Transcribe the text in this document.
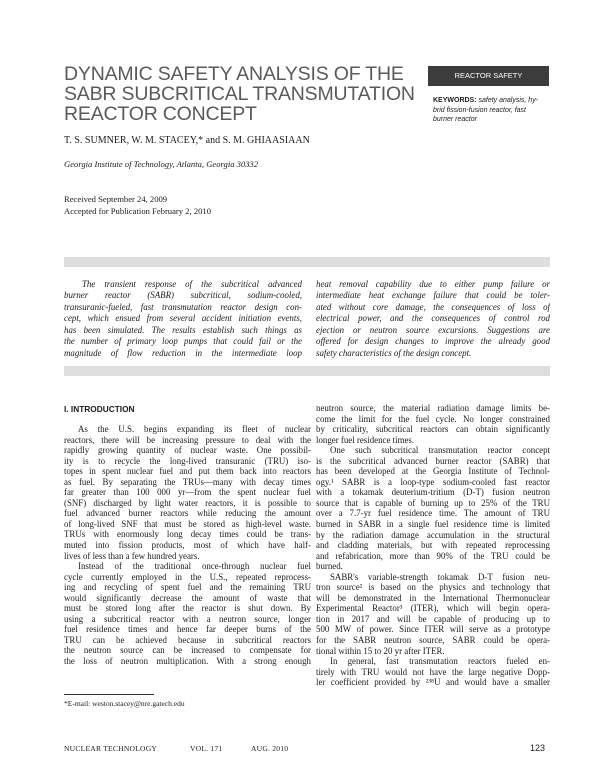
DYNAMIC SAFETY ANALYSIS OF THE
SABR SUBCRITICAL TRANSMUTATION
REACTOR CONCEPT
REACTOR SAFETY
KEYWORDS: safety analysis, hy-
brid fission-fusion reactor, fast
burner reactor
T. S. SUMNER, W. M. STACEY,* and S. M. GHIAASIAAN
Georgia Institute of Technology, Atlanta, Georgia 30332
Received September 24, 2009
Accepted for Publication February 2, 2010
The transient response of the subcritical advanced
burner reactor (SABR) subcritical, sodium-cooled,
transuranic-fueled, fast transmutation reactor design con-
cept, which ensued from several accident initiation events,
has been simulated. The results establish such things as
the number of primary loop pumps that could fail or the
magnitude of flow reduction in the intermediate loop
heat removal capability due to either pump failure or
intermediate heat exchange failure that could be toler-
ated without core damage, the consequences of loss of
electrical power, and the consequences of control rod
ejection or neutron source excursions. Suggestions are
offered for design changes to improve the already good
safety characteristics of the design concept.
I. INTRODUCTION
As the U.S. begins expanding its fleet of nuclear
reactors, there will be increasing pressure to deal with the
rapidly growing quantity of nuclear waste. One possibil-
ity is to recycle the long-lived transuranic (TRU) iso-
topes in spent nuclear fuel and put them back into reactors
as fuel. By separating the TRUs—many with decay times
far greater than 100 000 yr—from the spent nuclear fuel
(SNF) discharged by light water reactors, it is possible to
fuel advanced burner reactors while reducing the amount
of long-lived SNF that must be stored as high-level waste.
TRUs with enormously long decay times could be trans-
muted into fission products, most of which have half-
lives of less than a few hundred years.
Instead of the traditional once-through nuclear fuel
cycle currently employed in the U.S., repeated reprocess-
ing and recycling of spent fuel and the remaining TRU
would significantly decrease the amount of waste that
must be stored long after the reactor is shut down. By
using a subcritical reactor with a neutron source, longer
fuel residence times and hence far deeper burns of the
TRU can be achieved because in subcritical reactors
the neutron source can be increased to compensate for
the loss of neutron multiplication. With a strong enough
neutron source, the material radiation damage limits be-
come the limit for the fuel cycle. No longer constrained
by criticality, subcritical reactors can obtain significantly
longer fuel residence times.
One such subcritical transmutation reactor concept
is the subcritical advanced burner reactor (SABR) that
has been developed at the Georgia Institute of Technol-
ogy.¹ SABR is a loop-type sodium-cooled fast reactor
with a tokamak deuterium-tritium (D-T) fusion neutron
source that is capable of burning up to 25% of the TRU
over a 7.7-yr fuel residence time. The amount of TRU
burned in SABR in a single fuel residence time is limited
by the radiation damage accumulation in the structural
and cladding materials, but with repeated reprocessing
and refabrication, more than 90% of the TRU could be
burned.
SABR's variable-strength tokamak D-T fusion neu-
tron source² is based on the physics and technology that
will be demonstrated in the International Thermonuclear
Experimental Reactor³ (ITER), which will begin opera-
tion in 2017 and will be capable of producing up to
500 MW of power. Since ITER will serve as a prototype
for the SABR neutron source, SABR could be opera-
tional within 15 to 20 yr after ITER.
In general, fast transmutation reactors fueled en-
tirely with TRU would not have the large negative Dopp-
ler coefficient provided by ²³⁸U and would have a smaller
*E-mail: weston.stacey@nre.gatech.edu
NUCLEAR TECHNOLOGY	VOL. 171	AUG. 2010	123
